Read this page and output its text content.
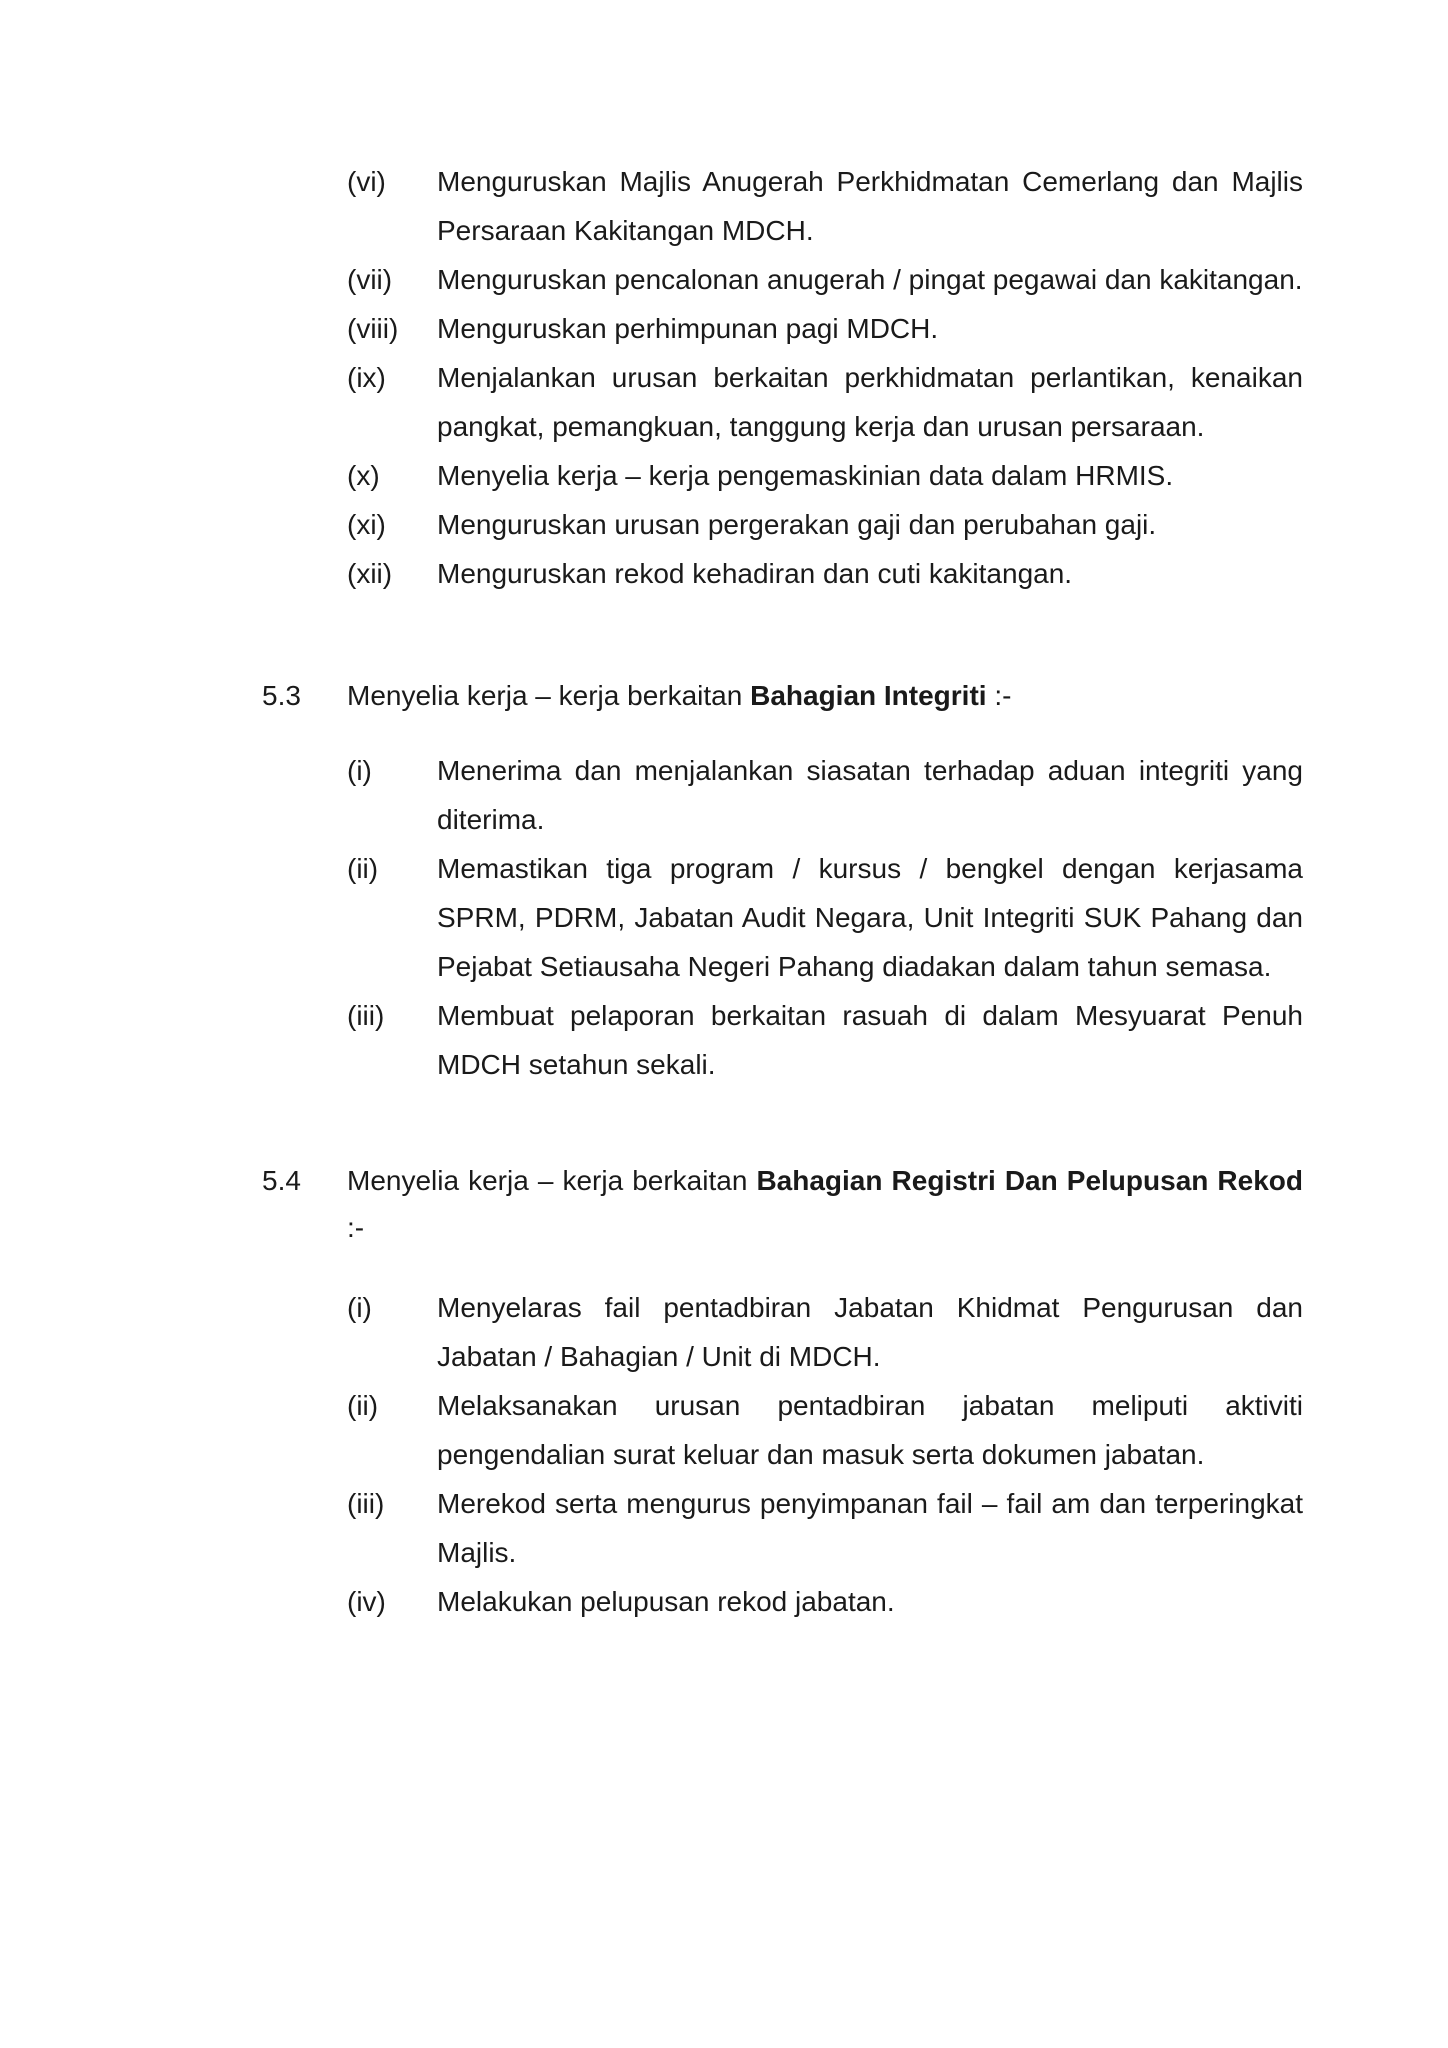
(vi) Menguruskan Majlis Anugerah Perkhidmatan Cemerlang dan Majlis Persaraan Kakitangan MDCH.
(vii) Menguruskan pencalonan anugerah / pingat pegawai dan kakitangan.
(viii) Menguruskan perhimpunan pagi MDCH.
(ix) Menjalankan urusan berkaitan perkhidmatan perlantikan, kenaikan pangkat, pemangkuan, tanggung kerja dan urusan persaraan.
(x) Menyelia kerja – kerja pengemaskinian data dalam HRMIS.
(xi) Menguruskan urusan pergerakan gaji dan perubahan gaji.
(xii) Menguruskan rekod kehadiran dan cuti kakitangan.
5.3 Menyelia kerja – kerja berkaitan Bahagian Integriti :-
(i) Menerima dan menjalankan siasatan terhadap aduan integriti yang diterima.
(ii) Memastikan tiga program / kursus / bengkel dengan kerjasama SPRM, PDRM, Jabatan Audit Negara, Unit Integriti SUK Pahang dan Pejabat Setiausaha Negeri Pahang diadakan dalam tahun semasa.
(iii) Membuat pelaporan berkaitan rasuah di dalam Mesyuarat Penuh MDCH setahun sekali.
5.4 Menyelia kerja – kerja berkaitan Bahagian Registri Dan Pelupusan Rekod :-
(i) Menyelaras fail pentadbiran Jabatan Khidmat Pengurusan dan Jabatan / Bahagian / Unit di MDCH.
(ii) Melaksanakan urusan pentadbiran jabatan meliputi aktiviti pengendalian surat keluar dan masuk serta dokumen jabatan.
(iii) Merekod serta mengurus penyimpanan fail – fail am dan terperingkat Majlis.
(iv) Melakukan pelupusan rekod jabatan.
